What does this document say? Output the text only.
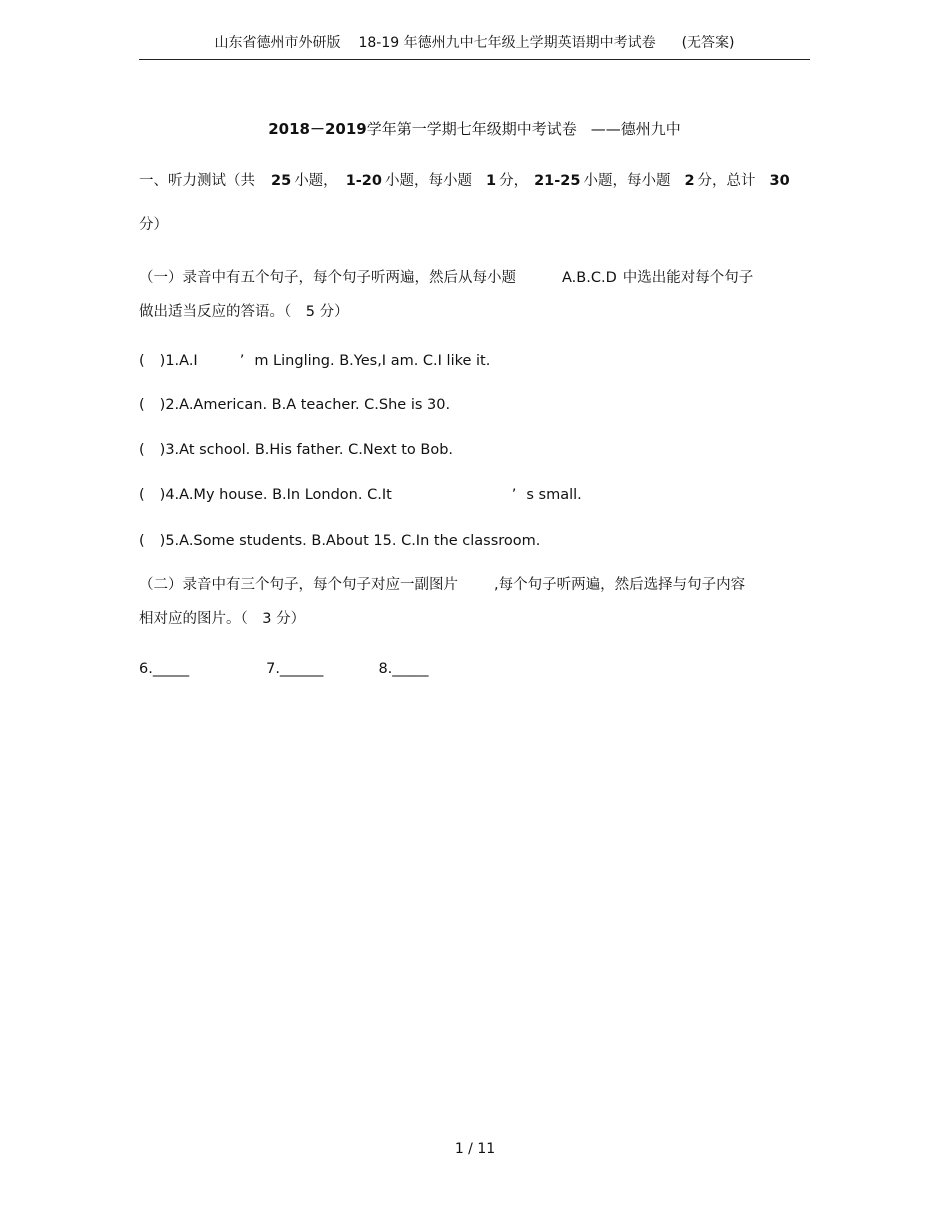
山东省德州市外研版 18-19 年德州九中七年级上学期英语期中考试卷 (无答案)
2018－2019学年第一学期七年级期中考试卷 ——德州九中
一、听力测试（共 25 小题， 1-20 小题，每小题 1 分， 21-25 小题，每小题 2 分，总计 30
分）
（一）录音中有五个句子，每个句子听两遍，然后从每小题	A.B.C.D 中选出能对每个句子
做出适当反应的答语。（　5 分）
( )1.A.I	’ m Lingling. B.Yes,I am. C.I like it.
( )2.A.American. B.A teacher. C.She is 30.
( )3.At school. B.His father. C.Next to Bob.
( )4.A.My house. B.In London. C.It	’ s small.
( )5.A.Some students. B.About 15. C.In the classroom.
（二）录音中有三个句子，每个句子对应一副图片 ,每个句子听两遍，然后选择与句子内容
相对应的图片。（　3 分）
6._____	7.______	8._____
1 / 11
